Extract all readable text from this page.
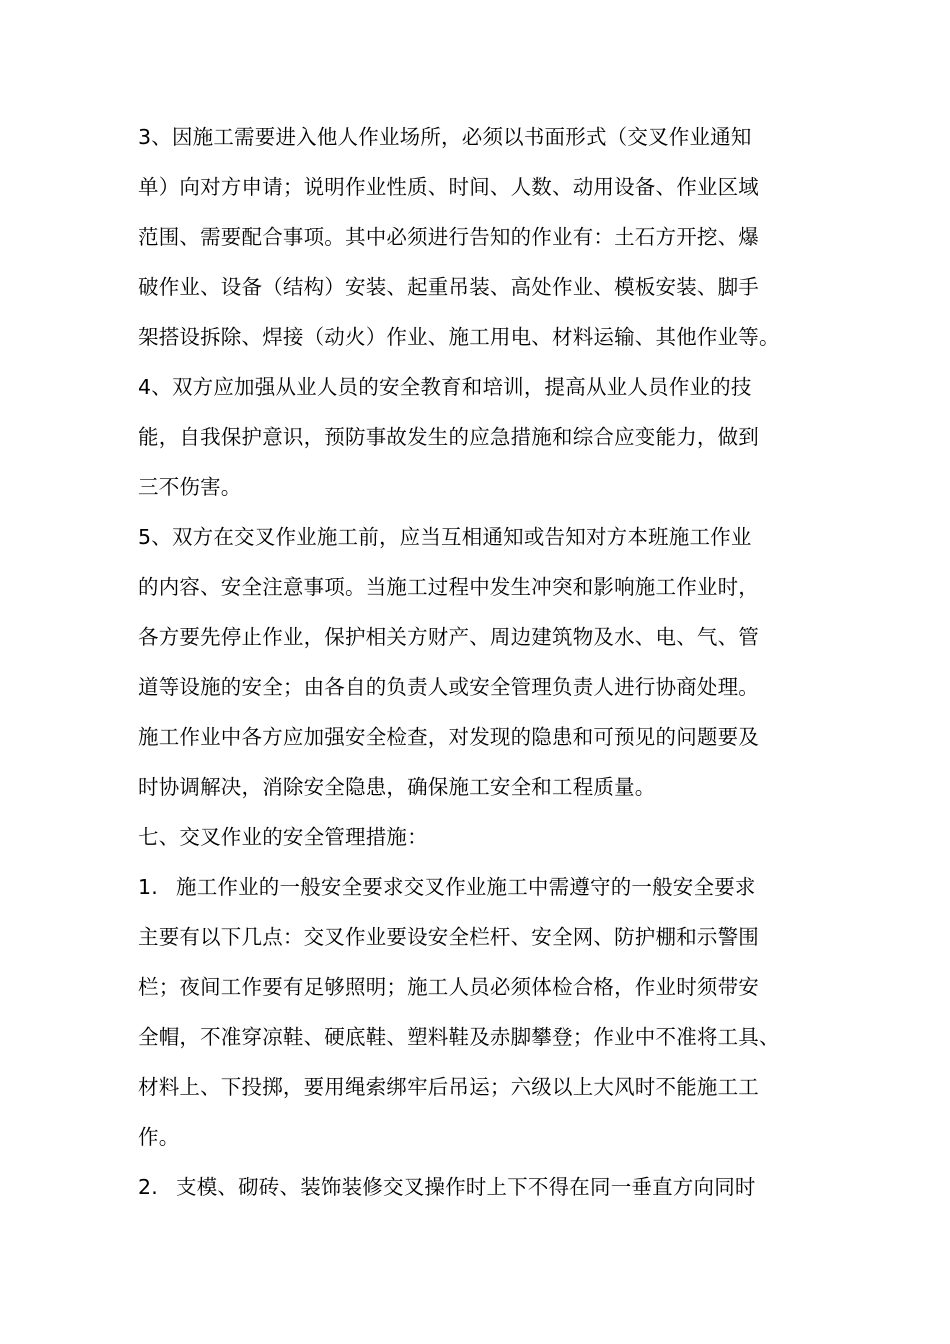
3、因施工需要进入他人作业场所，必须以书面形式（交叉作业通知
单）向对方申请；说明作业性质、时间、人数、动用设备、作业区域
范围、需要配合事项。其中必须进行告知的作业有：土石方开挖、爆
破作业、设备（结构）安装、起重吊装、高处作业、模板安装、脚手
架搭设拆除、焊接（动火）作业、施工用电、材料运输、其他作业等。
4、双方应加强从业人员的安全教育和培训，提高从业人员作业的技
能，自我保护意识，预防事故发生的应急措施和综合应变能力，做到
三不伤害。
5、双方在交叉作业施工前，应当互相通知或告知对方本班施工作业
的内容、安全注意事项。当施工过程中发生冲突和影响施工作业时，
各方要先停止作业，保护相关方财产、周边建筑物及水、电、气、管
道等设施的安全；由各自的负责人或安全管理负责人进行协商处理。
施工作业中各方应加强安全检查，对发现的隐患和可预见的问题要及
时协调解决，消除安全隐患，确保施工安全和工程质量。
七、交叉作业的安全管理措施：
1. 施工作业的一般安全要求交叉作业施工中需遵守的一般安全要求
主要有以下几点：交叉作业要设安全栏杆、安全网、防护棚和示警围
栏；夜间工作要有足够照明；施工人员必须体检合格，作业时须带安
全帽，不准穿凉鞋、硬底鞋、塑料鞋及赤脚攀登；作业中不准将工具、
材料上、下投掷，要用绳索绑牢后吊运；六级以上大风时不能施工工
作。
2. 支模、砌砖、装饰装修交叉操作时上下不得在同一垂直方向同时
